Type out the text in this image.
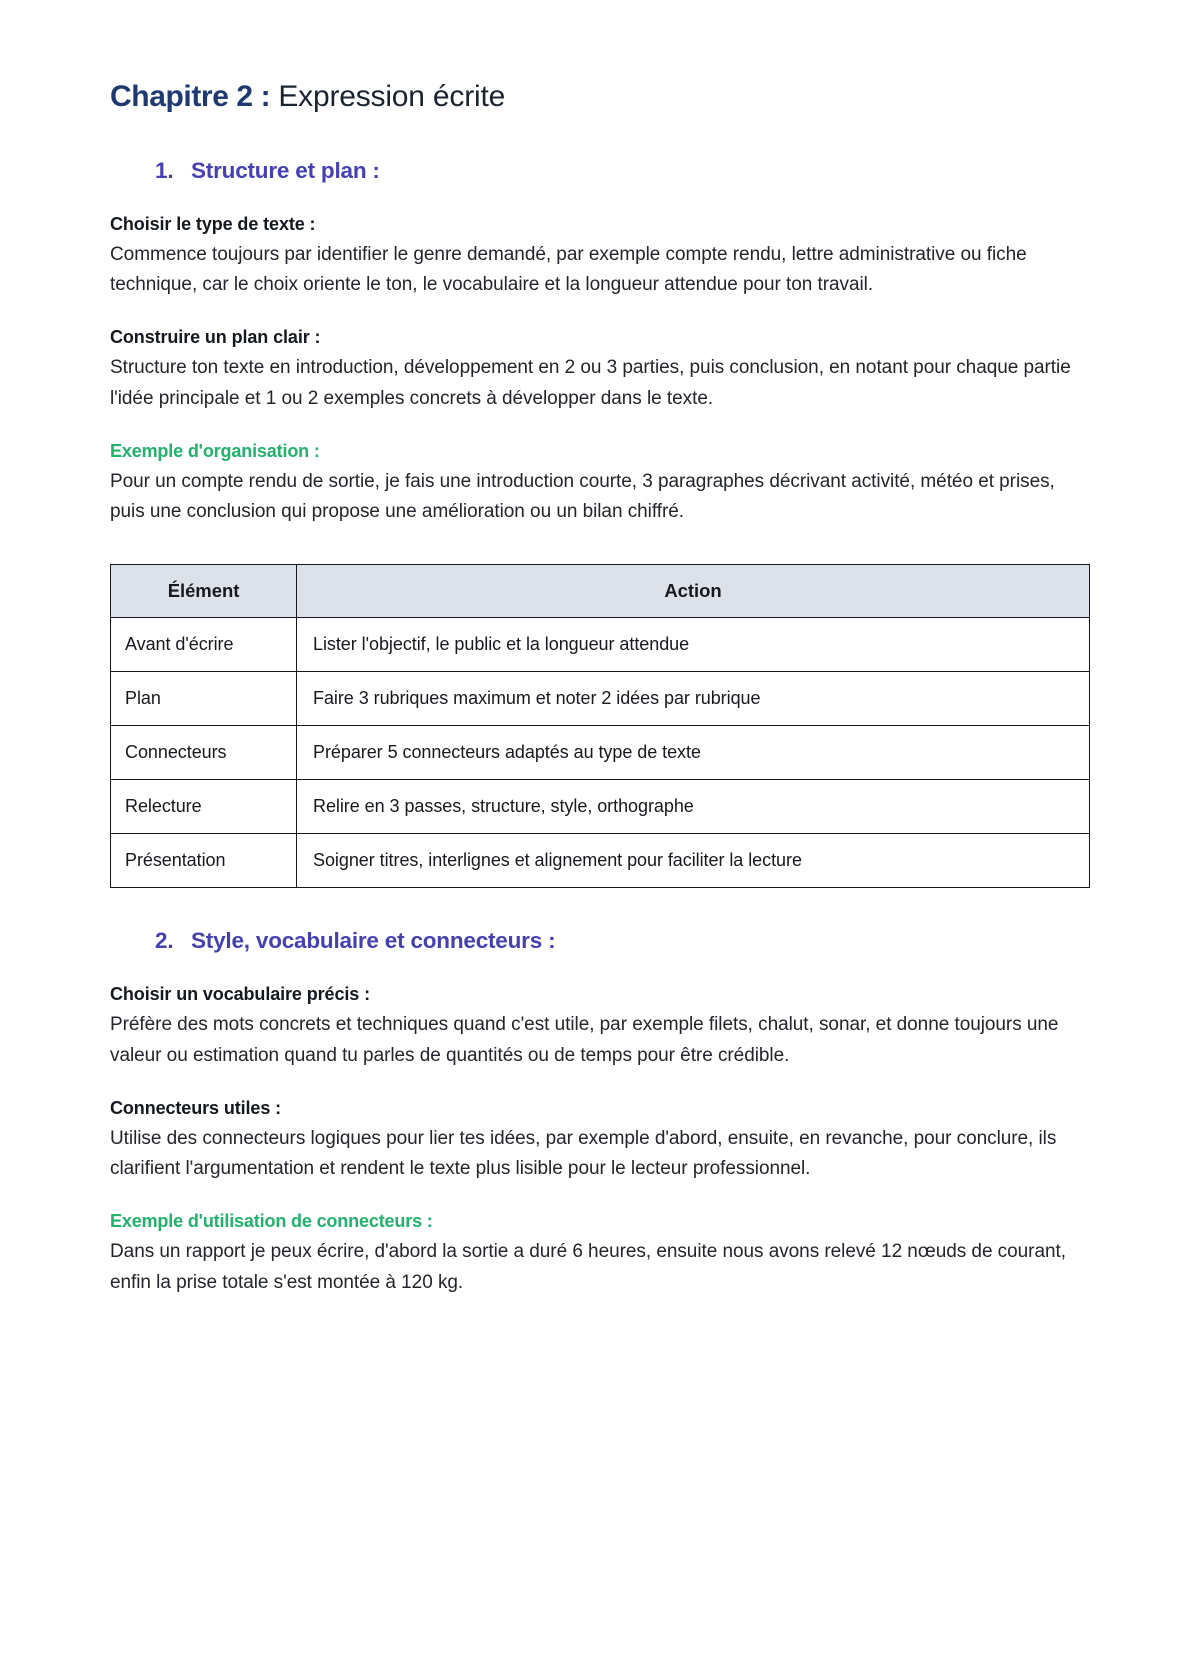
Chapitre 2 : Expression écrite
1. Structure et plan :
Choisir le type de texte :

Commence toujours par identifier le genre demandé, par exemple compte rendu, lettre administrative ou fiche technique, car le choix oriente le ton, le vocabulaire et la longueur attendue pour ton travail.

Construire un plan clair :

Structure ton texte en introduction, développement en 2 ou 3 parties, puis conclusion, en notant pour chaque partie l'idée principale et 1 ou 2 exemples concrets à développer dans le texte.

Exemple d'organisation :

Pour un compte rendu de sortie, je fais une introduction courte, 3 paragraphes décrivant activité, météo et prises, puis une conclusion qui propose une amélioration ou un bilan chiffré.

Élément	Action
Avant d'écrire	Lister l'objectif, le public et la longueur attendue
Plan	Faire 3 rubriques maximum et noter 2 idées par rubrique
Connecteurs	Préparer 5 connecteurs adaptés au type de texte
Relecture	Relire en 3 passes, structure, style, orthographe
Présentation	Soigner titres, interlignes et alignement pour faciliter la lecture
2. Style, vocabulaire et connecteurs :
Choisir un vocabulaire précis :

Préfère des mots concrets et techniques quand c'est utile, par exemple filets, chalut, sonar, et donne toujours une valeur ou estimation quand tu parles de quantités ou de temps pour être crédible.

Connecteurs utiles :

Utilise des connecteurs logiques pour lier tes idées, par exemple d'abord, ensuite, en revanche, pour conclure, ils clarifient l'argumentation et rendent le texte plus lisible pour le lecteur professionnel.

Exemple d'utilisation de connecteurs :

Dans un rapport je peux écrire, d'abord la sortie a duré 6 heures, ensuite nous avons relevé 12 nœuds de courant, enfin la prise totale s'est montée à 120 kg.
